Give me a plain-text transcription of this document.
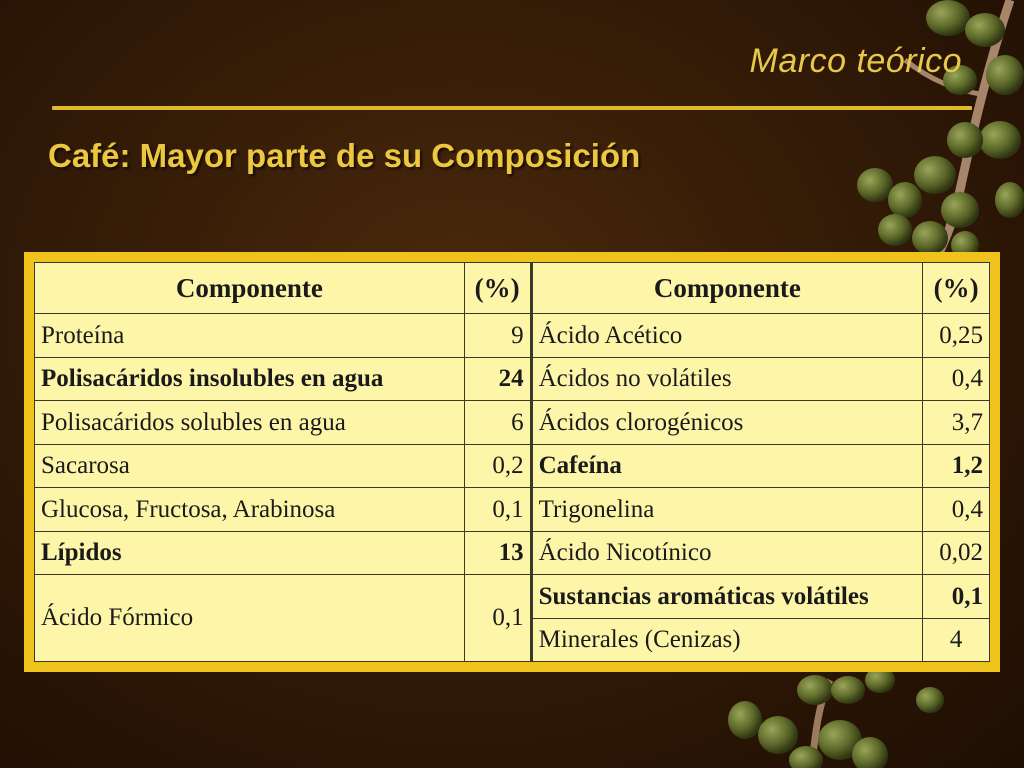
Marco teórico
Café: Mayor parte de su Composición
Componente	(%)	Componente	(%)
Proteína	9	Ácido Acético	0,25
Polisacáridos insolubles en agua	24	Ácidos no volátiles	0,4
Polisacáridos solubles en agua	6	Ácidos clorogénicos	3,7
Sacarosa	0,2	Cafeína	1,2
Glucosa, Fructosa, Arabinosa	0,1	Trigonelina	0,4
Lípidos	13	Ácido Nicotínico	0,02
Ácido Fórmico	0,1	Sustancias aromáticas volátiles	0,1
		Minerales (Cenizas)	4
